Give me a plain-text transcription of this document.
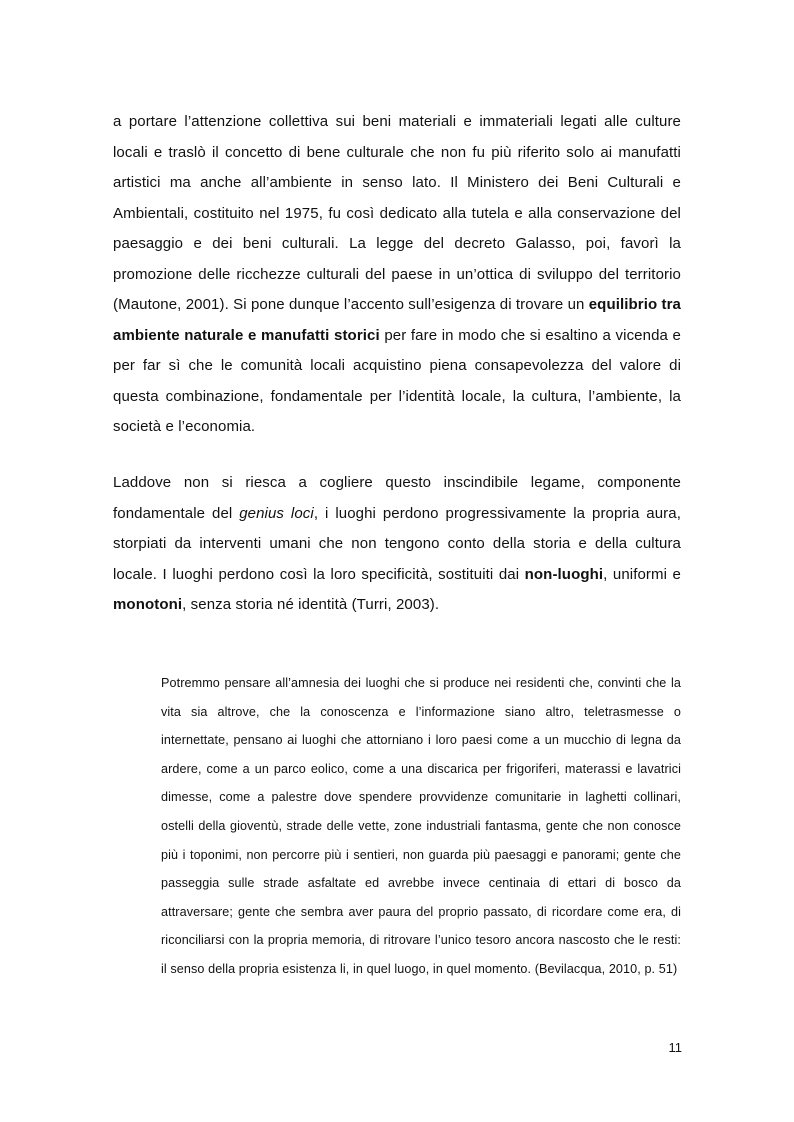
a portare l’attenzione collettiva sui beni materiali e immateriali legati alle culture locali e traslò il concetto di bene culturale che non fu più riferito solo ai manufatti artistici ma anche all’ambiente in senso lato. Il Ministero dei Beni Culturali e Ambientali, costituito nel 1975, fu così dedicato alla tutela e alla conservazione del paesaggio e dei beni culturali. La legge del decreto Galasso, poi, favorì la promozione delle ricchezze culturali del paese in un’ottica di sviluppo del territorio (Mautone, 2001). Si pone dunque l’accento sull’esigenza di trovare un equilibrio tra ambiente naturale e manufatti storici per fare in modo che si esaltino a vicenda e per far sì che le comunità locali acquistino piena consapevolezza del valore di questa combinazione, fondamentale per l’identità locale, la cultura, l’ambiente, la società e l’economia.

Laddove non si riesca a cogliere questo inscindibile legame, componente fondamentale del genius loci, i luoghi perdono progressivamente la propria aura, storpiati da interventi umani che non tengono conto della storia e della cultura locale. I luoghi perdono così la loro specificità, sostituiti dai non-luoghi, uniformi e monotoni, senza storia né identità (Turri, 2003).

Potremmo pensare all’amnesia dei luoghi che si produce nei residenti che, convinti che la vita sia altrove, che la conoscenza e l’informazione siano altro, teletrasmesse o internettate, pensano ai luoghi che attorniano i loro paesi come a un mucchio di legna da ardere, come a un parco eolico, come a una discarica per frigoriferi, materassi e lavatrici dimesse, come a palestre dove spendere provvidenze comunitarie in laghetti collinari, ostelli della gioventù, strade delle vette, zone industriali fantasma, gente che non conosce più i toponimi, non percorre più i sentieri, non guarda più paesaggi e panorami; gente che passeggia sulle strade asfaltate ed avrebbe invece centinaia di ettari di bosco da attraversare; gente che sembra aver paura del proprio passato, di ricordare come era, di riconciliarsi con la propria memoria, di ritrovare l’unico tesoro ancora nascosto che le resti: il senso della propria esistenza li, in quel luogo, in quel momento. (Bevilacqua, 2010, p. 51)

11
